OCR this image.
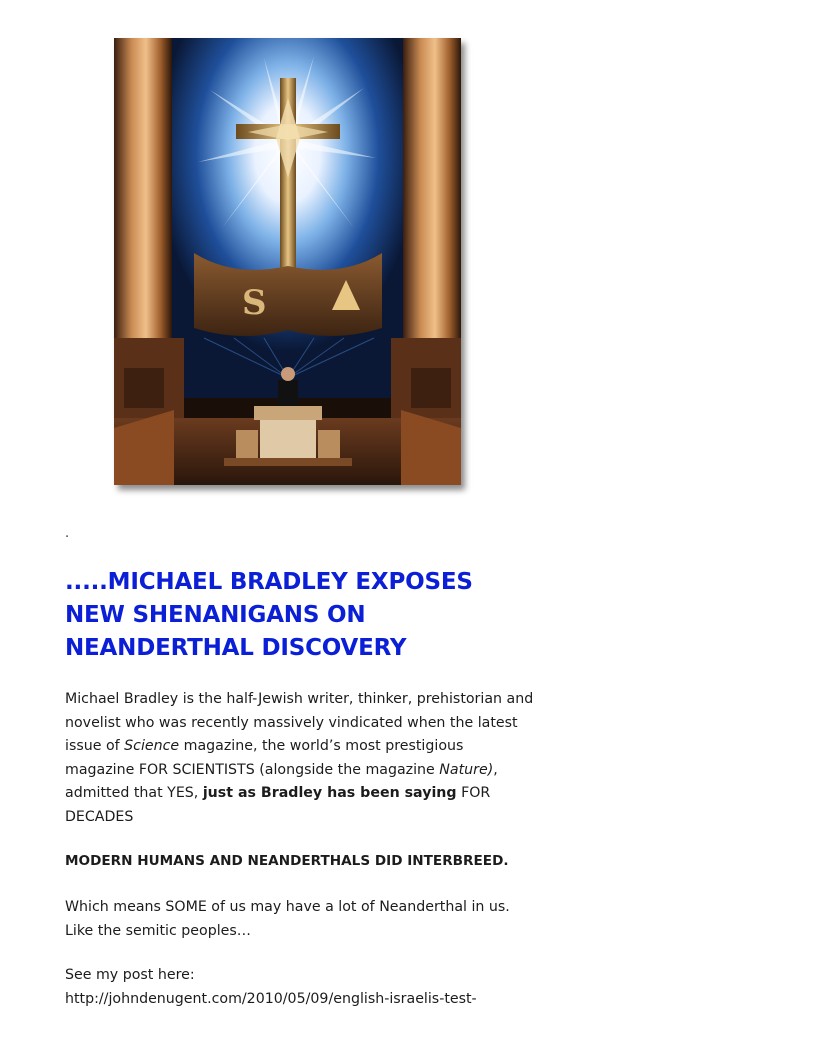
S
.
.....MICHAEL BRADLEY EXPOSES NEW SHENANIGANS ON NEANDERTHAL DISCOVERY

Michael Bradley is the half-Jewish writer, thinker, prehistorian and novelist who was recently massively vindicated when the latest issue of Science magazine, the world’s most prestigious magazine FOR SCIENTISTS (alongside the magazine Nature), admitted that YES, just as Bradley has been saying FOR DECADES

MODERN HUMANS AND NEANDERTHALS DID INTERBREED.

Which means SOME of us may have a lot of Neanderthal in us. Like the semitic peoples…

See my post here:
http://johndenugent.com/2010/05/09/english-israelis-test-
